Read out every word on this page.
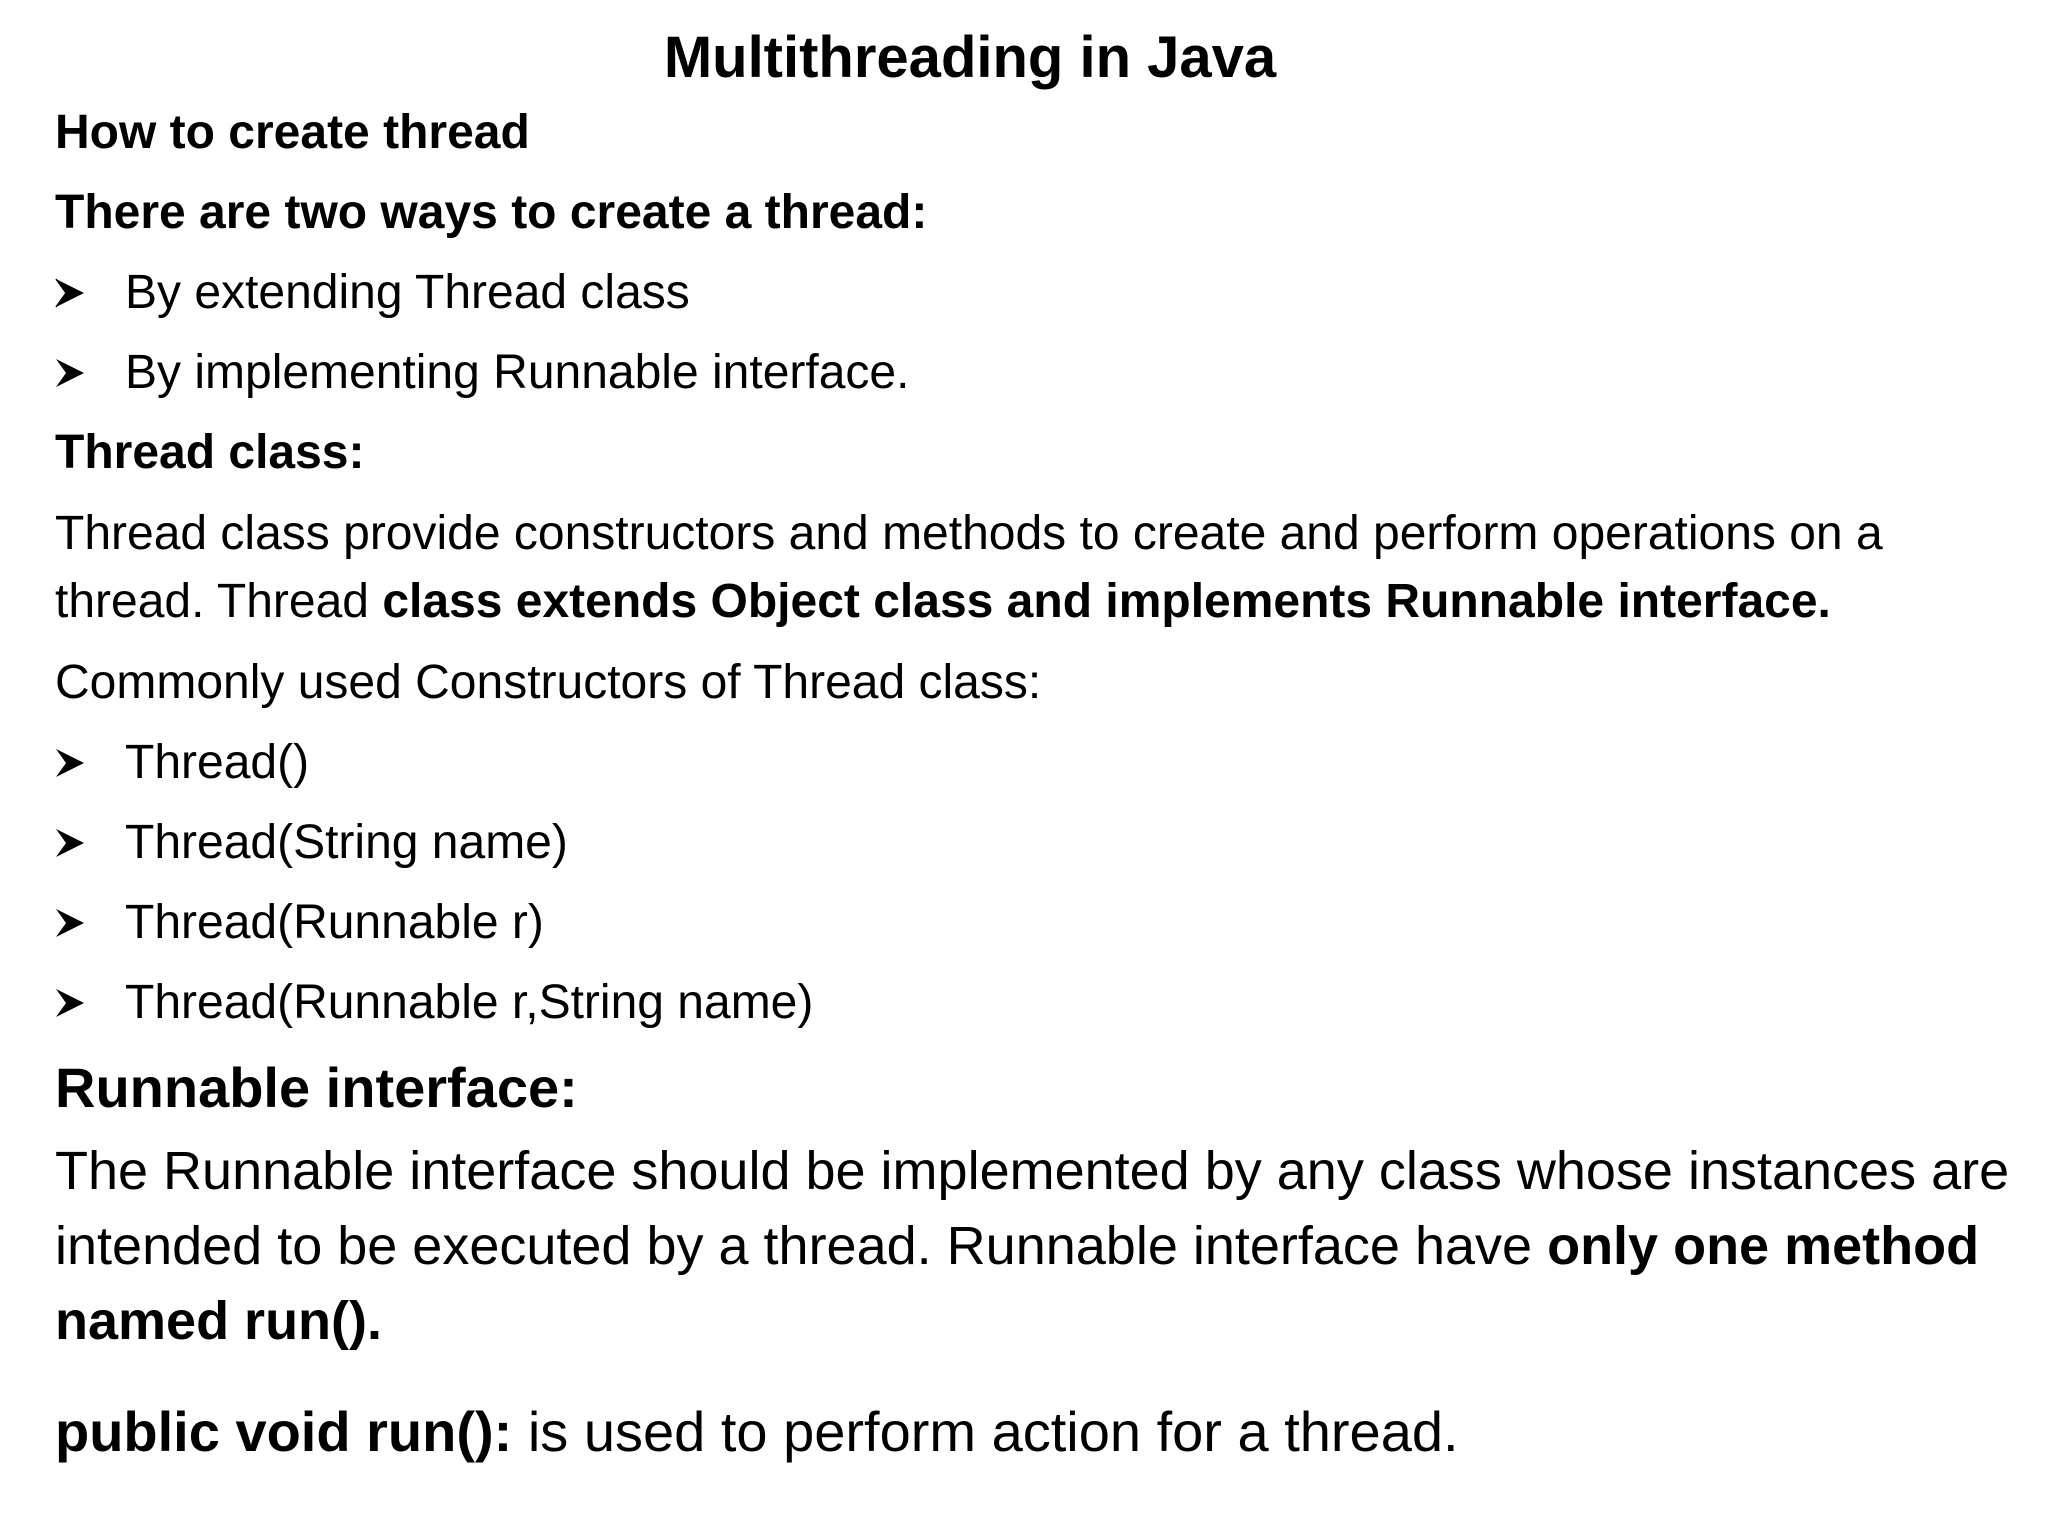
Multithreading in Java
How to create thread
There are two ways to create a thread:
By extending Thread class
By implementing Runnable interface.
Thread class:
Thread class provide constructors and methods to create and perform operations on a thread. Thread class extends Object class and implements Runnable interface.
Commonly used Constructors of Thread class:
Thread()
Thread(String name)
Thread(Runnable r)
Thread(Runnable r,String name)
Runnable interface:
The Runnable interface should be implemented by any class whose instances are intended to be executed by a thread. Runnable interface have only one method named run().
public void run(): is used to perform action for a thread.
